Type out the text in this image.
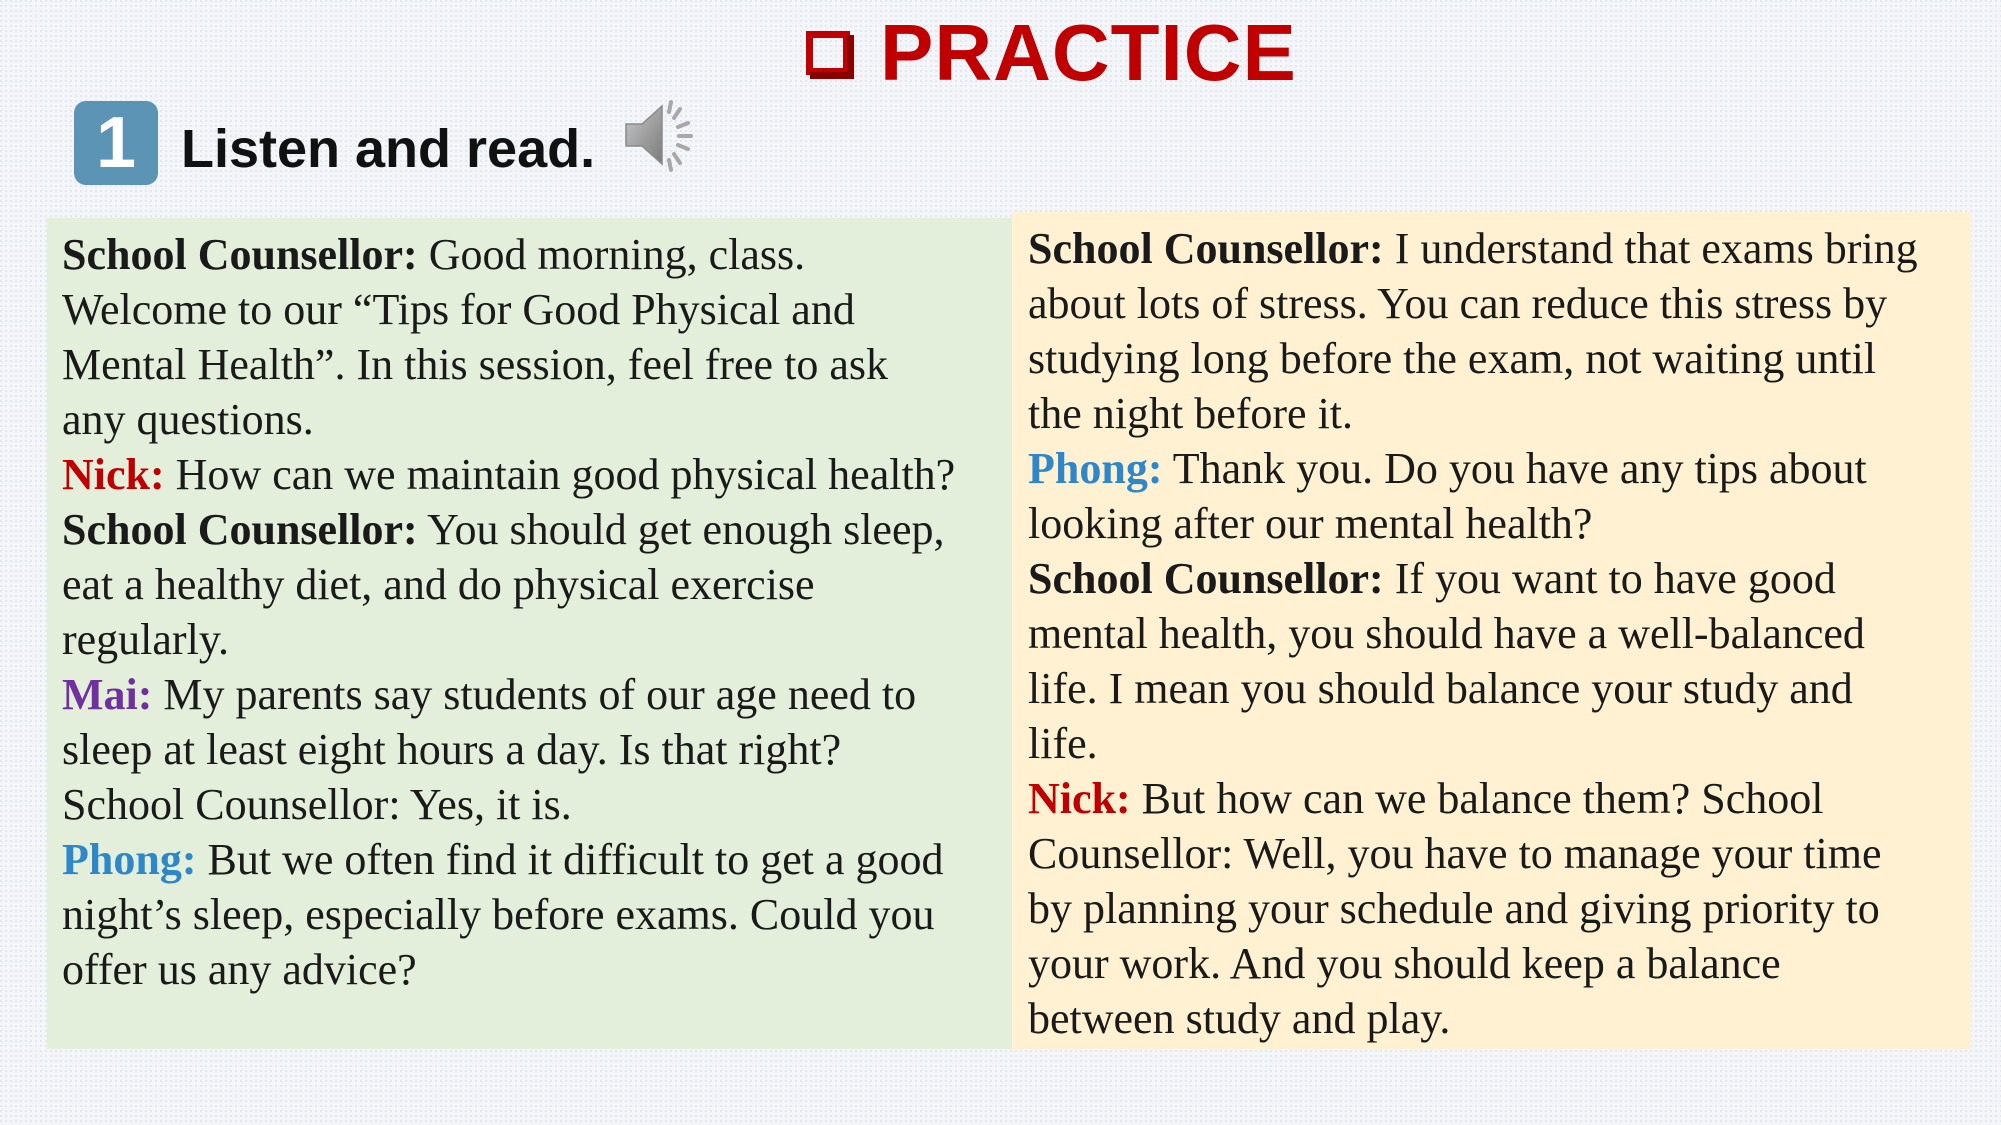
PRACTICE
1 Listen and read.

School Counsellor: Good morning, class.

Welcome to our “Tips for Good Physical and

Mental Health”. In this session, feel free to ask

any questions.

Nick: How can we maintain good physical health?

School Counsellor: You should get enough sleep,

eat a healthy diet, and do physical exercise

regularly.

Mai: My parents say students of our age need to

sleep at least eight hours a day. Is that right?

School Counsellor: Yes, it is.

Phong: But we often find it difficult to get a good

night’s sleep, especially before exams. Could you

offer us any advice?

School Counsellor: I understand that exams bring

about lots of stress. You can reduce this stress by

studying long before the exam, not waiting until

the night before it.

Phong: Thank you. Do you have any tips about

looking after our mental health?

School Counsellor: If you want to have good

mental health, you should have a well-balanced

life. I mean you should balance your study and

life.

Nick: But how can we balance them? School

Counsellor: Well, you have to manage your time

by planning your schedule and giving priority to

your work. And you should keep a balance

between study and play.
